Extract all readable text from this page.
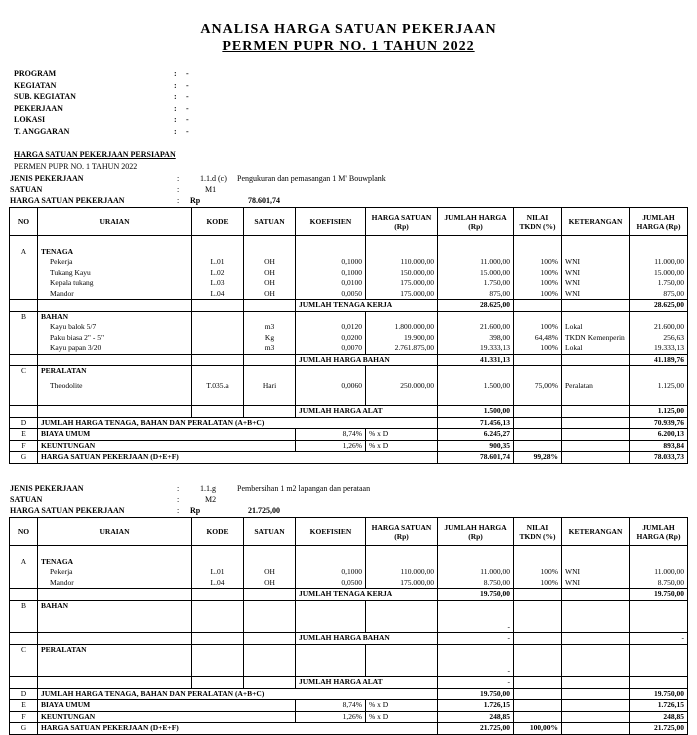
ANALISA HARGA SATUAN PEKERJAAN
PERMEN PUPR NO. 1 TAHUN 2022
PROGRAM	: -
KEGIATAN	: -
SUB. KEGIATAN	: -
PEKERJAAN	: -
LOKASI	: -
T. ANGGARAN	: -
HARGA SATUAN PEKERJAAN PERSIAPAN
PERMEN PUPR NO. 1 TAHUN 2022
JENIS PEKERJAAN	:	1.1.d (c) Pengukuran dan pemasangan 1 M' Bouwplank
SATUAN	:	M1
HARGA SATUAN PEKERJAAN	: Rp	78.601,74
NO	URAIAN	KODE	SATUAN	KOEFISIEN	HARGA SATUAN (Rp)	JUMLAH HARGA (Rp)	NILAI TKDN (%)	KETERANGAN	JUMLAH HARGA (Rp)

A	TENAGA								
	Pekerja	L.01	OH	0,1000	110.000,00	11.000,00	100%	WNI	11.000,00
	Tukang Kayu	L.02	OH	0,1000	150.000,00	15.000,00	100%	WNI	15.000,00
	Kepala tukang	L.03	OH	0,0100	175.000,00	1.750,00	100%	WNI	1.750,00
	Mandor	L.04	OH	0,0050	175.000,00	875,00	100%	WNI	875,00
				JUMLAH TENAGA KERJA		28.625,00			28.625,00
B	BAHAN								
	Kayu balok 5/7		m3	0,0120	1.800.000,00	21.600,00	100%	Lokal	21.600,00
	Paku biasa 2" - 5"		Kg	0,0200	19.900,00	398,00	64,48%	TKDN Kemenperin	256,63
	Kayu papan 3/20		m3	0,0070	2.761.875,00	19.333,13	100%	Lokal	19.333,13
				JUMLAH HARGA BAHAN		41.331,13			41.189,76
C	PERALATAN								
	Theodolite	T.035.a	Hari	0,0060	250.000,00	1.500,00	75,00%	Peralatan	1.125,00

				JUMLAH HARGA ALAT		1.500,00			1.125,00
D	JUMLAH HARGA TENAGA, BAHAN DAN PERALATAN (A+B+C)					71.456,13			70.939,76
E	BIAYA UMUM			8,74%	% x D	6.245,27			6.200,13
F	KEUNTUNGAN			1,26%	% x D	900,35			893,84
G	HARGA SATUAN PEKERJAAN (D+E+F)					78.601,74	99,28%		78.033,73
JENIS PEKERJAAN	:	1.1.g	Pembersihan 1 m2 lapangan dan perataan
SATUAN	:	M2
HARGA SATUAN PEKERJAAN	: Rp	21.725,00
NO	URAIAN	KODE	SATUAN	KOEFISIEN	HARGA SATUAN (Rp)	JUMLAH HARGA (Rp)	NILAI TKDN (%)	KETERANGAN	JUMLAH HARGA (Rp)

A	TENAGA								
	Pekerja	L.01	OH	0,1000	110.000,00	11.000,00	100%	WNI	11.000,00
	Mandor	L.04	OH	0,0500	175.000,00	8.750,00	100%	WNI	8.750,00
				JUMLAH TENAGA KERJA		19.750,00			19.750,00
B	BAHAN								

						-			
				JUMLAH HARGA BAHAN		-			-
C	PERALATAN								

						-			
				JUMLAH HARGA ALAT		-			
D	JUMLAH HARGA TENAGA, BAHAN DAN PERALATAN (A+B+C)					19.750,00			19.750,00
E	BIAYA UMUM			8,74%	% x D	1.726,15			1.726,15
F	KEUNTUNGAN			1,26%	% x D	248,85			248,85
G	HARGA SATUAN PEKERJAAN (D+E+F)					21.725,00	100,00%		21.725,00
